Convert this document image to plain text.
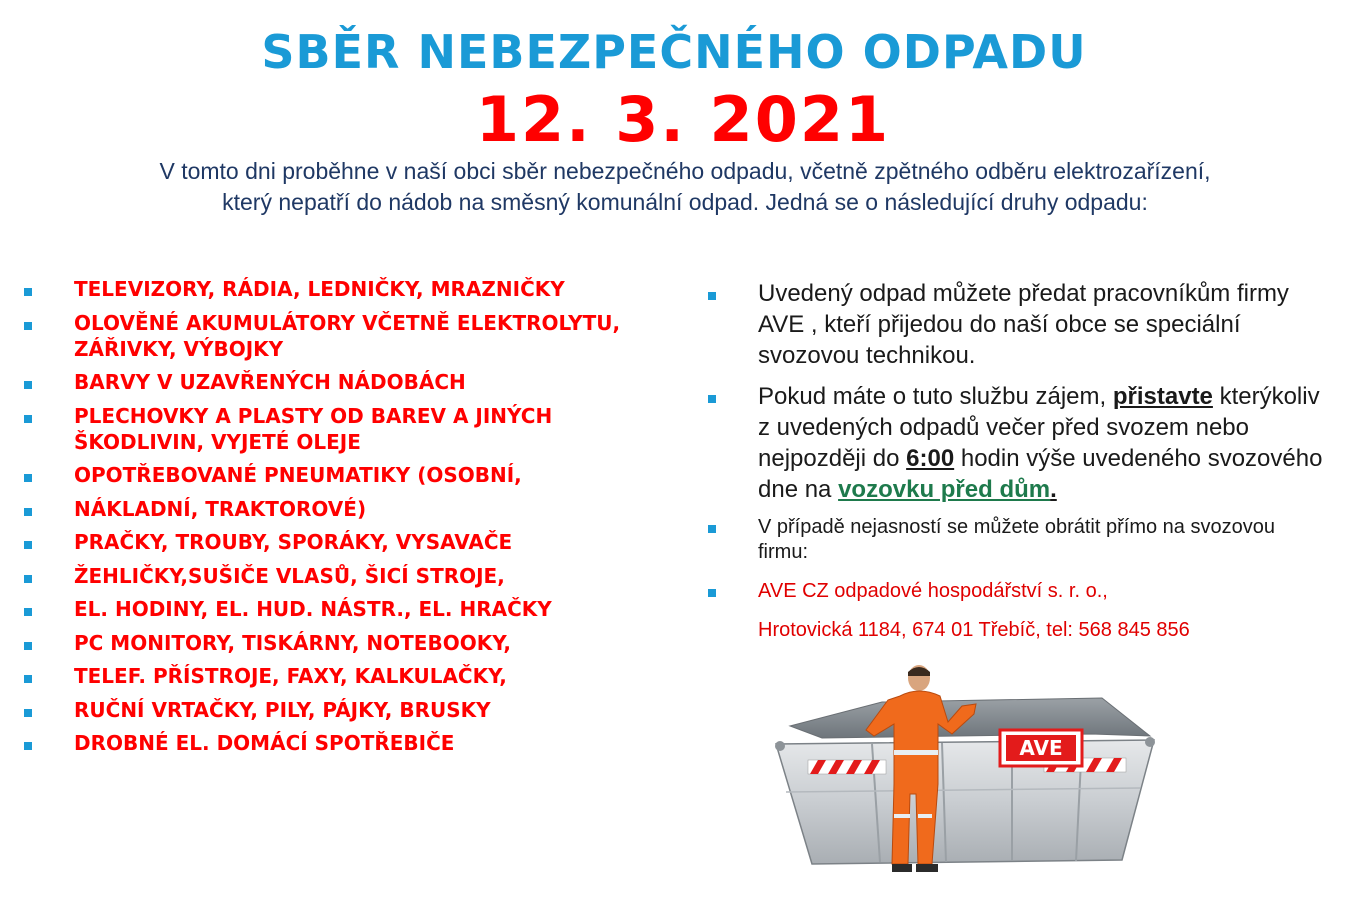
SBĚR NEBEZPEČNÉHO ODPADU
12. 3. 2021
V tomto dni proběhne v naší obci sběr nebezpečného odpadu, včetně zpětného odběru elektrozařízení,
který nepatří do nádob na směsný komunální odpad. Jedná se o následující druhy odpadu:
TELEVIZORY, RÁDIA, LEDNIČKY, MRAZNIČKY
OLOVĚNÉ AKUMULÁTORY VČETNĚ ELEKTROLYTU, ZÁŘIVKY, VÝBOJKY
BARVY V UZAVŘENÝCH NÁDOBÁCH
PLECHOVKY A PLASTY OD BAREV A JINÝCH ŠKODLIVIN, VYJETÉ OLEJE
OPOTŘEBOVANÉ PNEUMATIKY (OSOBNÍ,
NÁKLADNÍ, TRAKTOROVÉ)
PRAČKY, TROUBY, SPORÁKY, VYSAVAČE
ŽEHLIČKY,SUŠIČE VLASŮ, ŠICÍ STROJE,
EL. HODINY, EL. HUD. NÁSTR., EL. HRAČKY
PC MONITORY, TISKÁRNY, NOTEBOOKY,
TELEF. PŘÍSTROJE, FAXY, KALKULAČKY,
RUČNÍ VRTAČKY, PILY, PÁJKY, BRUSKY
DROBNÉ EL. DOMÁCÍ SPOTŘEBIČE
Uvedený odpad můžete předat pracovníkům firmy AVE , kteří přijedou do naší obce se speciální svozovou technikou.
Pokud máte o tuto službu zájem, přistavte kterýkoliv z uvedených odpadů večer před svozem nebo nejpozději do 6:00 hodin výše uvedeného svozového dne na vozovku před dům.
V případě nejasností se můžete obrátit přímo na svozovou firmu:
AVE CZ odpadové hospodářství s. r. o.,
Hrotovická 1184, 674 01 Třebíč, tel: 568 845 856
AVE
